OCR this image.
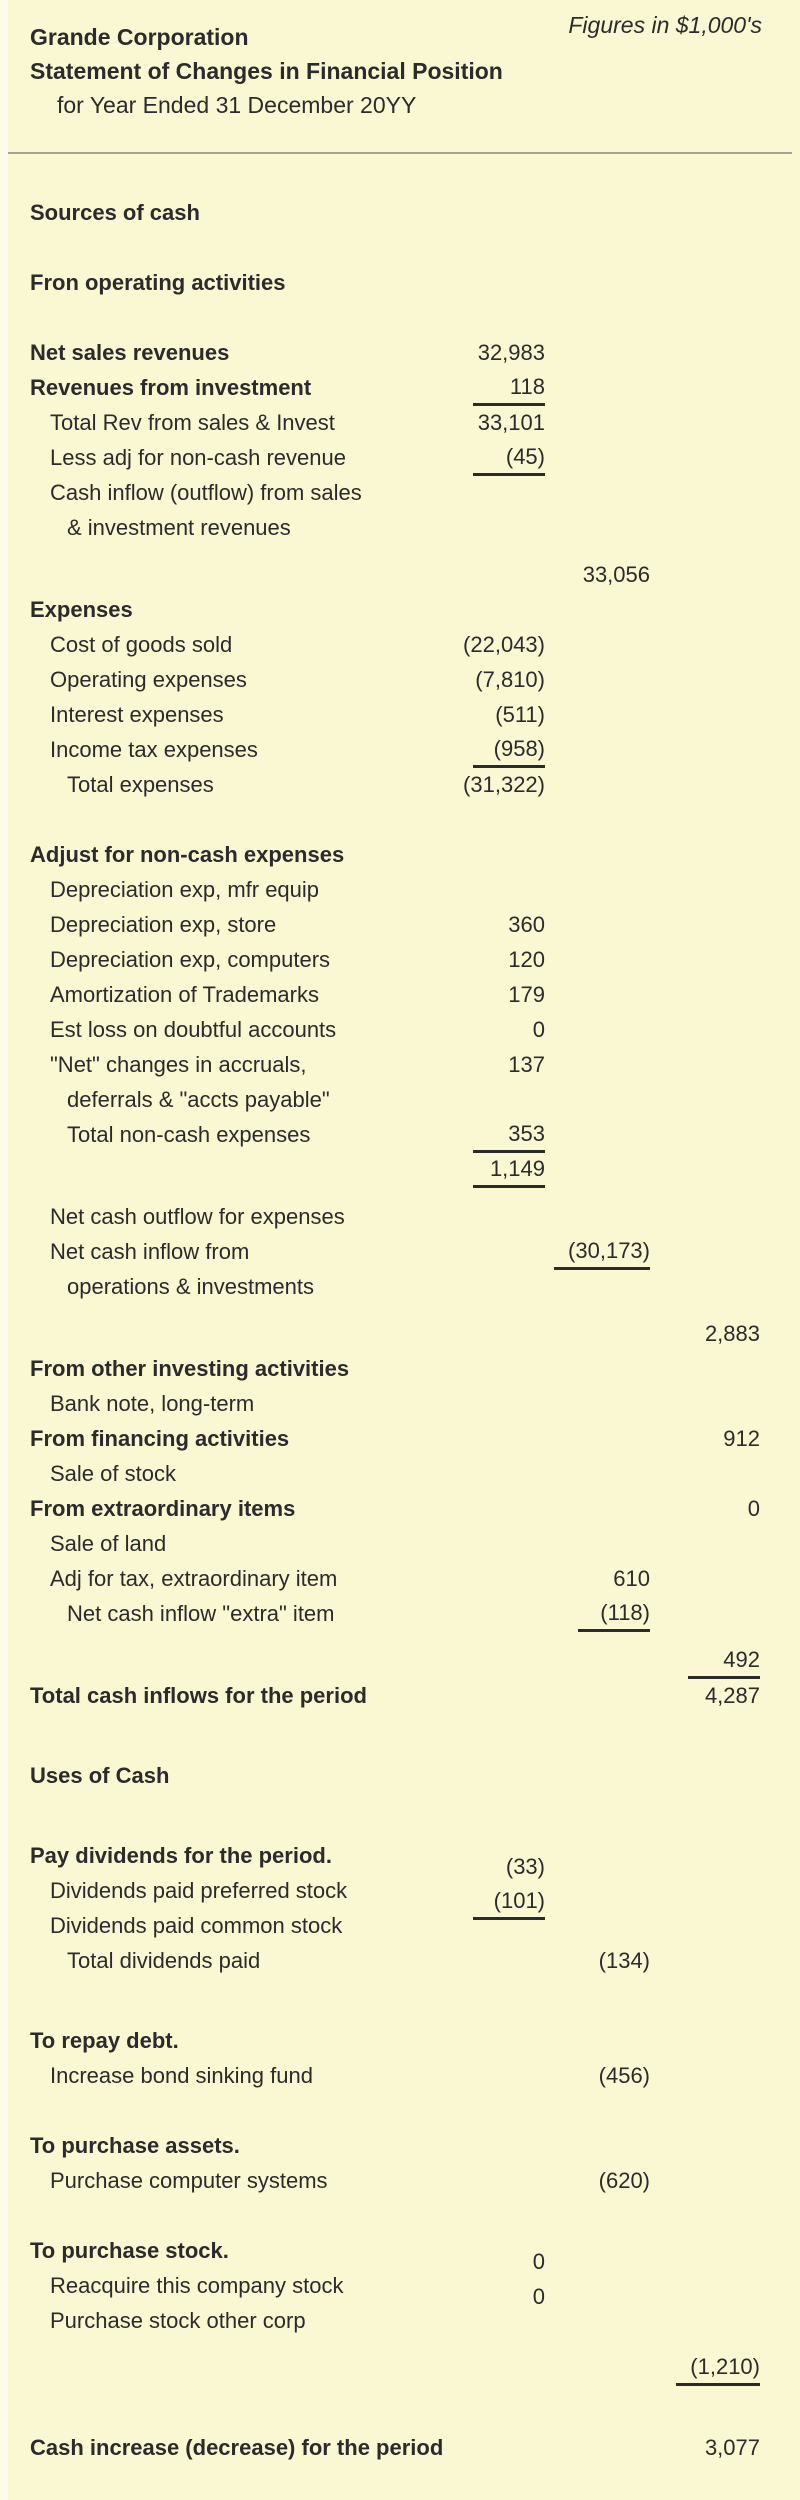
Figures in $1,000's
Grande Corporation
Statement of Changes in Financial Position
for Year Ended 31 December 20YY
Sources of cash
Fron operating activities
Net sales revenues	32,983
Revenues from investment	118
Total Rev from sales & Invest	33,101
Less adj for non-cash revenue	(45)
Cash inflow (outflow) from sales
& investment revenues
33,056
Expenses
Cost of goods sold	(22,043)
Operating expenses	(7,810)
Interest expenses	(511)
Income tax expenses	(958)
Total expenses	(31,322)
Adjust for non-cash expenses
Depreciation exp, mfr equip
Depreciation exp, store	360
Depreciation exp, computers	120
Amortization of Trademarks	179
Est loss on doubtful accounts	0
"Net" changes in accruals,	137
deferrals & "accts payable"
Total non-cash expenses	353
1,149
Net cash outflow for expenses
Net cash inflow from	(30,173)
operations & investments
2,883
From other investing activities
Bank note, long-term
From financing activities	912
Sale of stock
From extraordinary items	0
Sale of land
Adj for tax, extraordinary item	610
Net cash inflow "extra" item	(118)
492
Total cash inflows for the period	4,287
Uses of Cash
Pay dividends for the period.	(33)
Dividends paid preferred stock	(101)
Dividends paid common stock
Total dividends paid	(134)
To repay debt.
Increase bond sinking fund	(456)
To purchase assets.
Purchase computer systems	(620)
To purchase stock.	0
Reacquire this company stock	0
Purchase stock other corp
(1,210)
Cash increase (decrease) for the period	3,077
